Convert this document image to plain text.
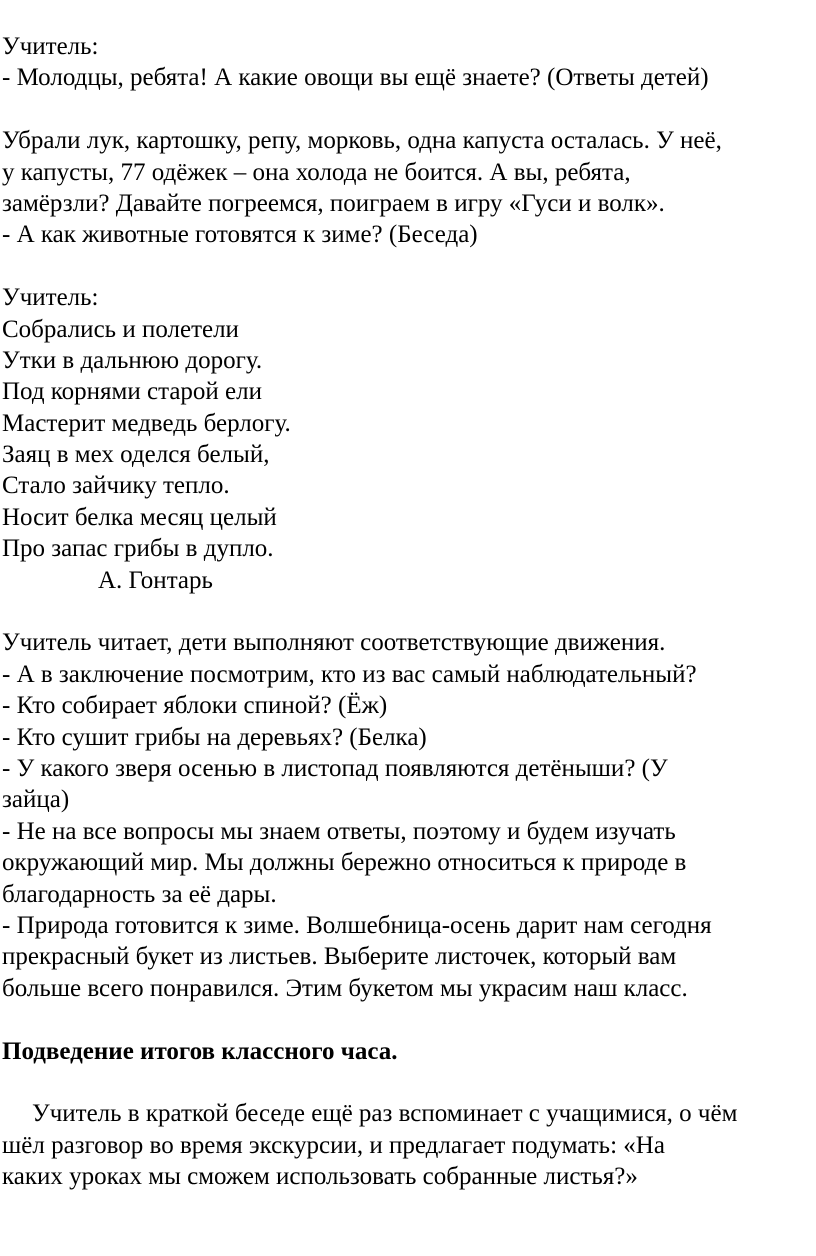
Учитель:
- Молодцы, ребята! А какие овощи вы ещё знаете? (Ответы детей)
Убрали лук, картошку, репу, морковь, одна капуста осталась. У неё,
у капусты, 77 одёжек – она холода не боится. А вы, ребята,
замёрзли? Давайте погреемся, поиграем в игру «Гуси и волк».
- А как животные готовятся к зиме? (Беседа)
Учитель:
Собрались и полетели
Утки в дальнюю дорогу.
Под корнями старой ели
Мастерит медведь берлогу.
Заяц в мех оделся белый,
Стало зайчику тепло.
Носит белка месяц целый
Про запас грибы в дупло.
А. Гонтарь
Учитель читает, дети выполняют соответствующие движения.
- А в заключение посмотрим, кто из вас самый наблюдательный?
- Кто собирает яблоки спиной? (Ёж)
- Кто сушит грибы на деревьях? (Белка)
- У какого зверя осенью в листопад появляются детёныши? (У
зайца)
- Не на все вопросы мы знаем ответы, поэтому и будем изучать
окружающий мир. Мы должны бережно относиться к природе в
благодарность за её дары.
- Природа готовится к зиме. Волшебница-осень дарит нам сегодня
прекрасный букет из листьев. Выберите листочек, который вам
больше всего понравился. Этим букетом мы украсим наш класс.
Подведение итогов классного часа.
Учитель в краткой беседе ещё раз вспоминает с учащимися, о чём
шёл разговор во время экскурсии, и предлагает подумать: «На
каких уроках мы сможем использовать собранные листья?»
